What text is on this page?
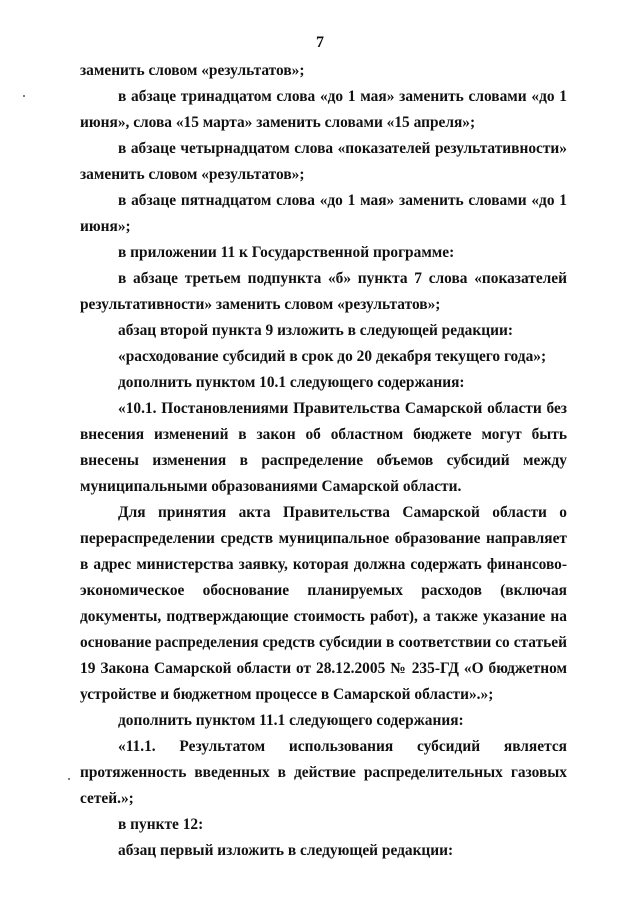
7

заменить словом «результатов»;

в абзаце тринадцатом слова «до 1 мая» заменить словами «до 1 июня», слова «15 марта» заменить словами «15 апреля»;

в абзаце четырнадцатом слова «показателей результативности» заменить словом «результатов»;

в абзаце пятнадцатом слова «до 1 мая» заменить словами «до 1 июня»;

в приложении 11 к Государственной программе:

в абзаце третьем подпункта «б» пункта 7 слова «показателей результативности» заменить словом «результатов»;

абзац второй пункта 9 изложить в следующей редакции:

«расходование субсидий в срок до 20 декабря текущего года»;

дополнить пунктом 10.1 следующего содержания:

«10.1. Постановлениями Правительства Самарской области без внесения изменений в закон об областном бюджете могут быть внесены изменения в распределение объемов субсидий между муниципальными образованиями Самарской области.

Для принятия акта Правительства Самарской области о перераспределении средств муниципальное образование направляет в адрес министерства заявку, которая должна содержать финансово-экономическое обоснование планируемых расходов (включая документы, подтверждающие стоимость работ), а также указание на основание распределения средств субсидии в соответствии со статьей 19 Закона Самарской области от 28.12.2005 № 235-ГД «О бюджетном устройстве и бюджетном процессе в Самарской области».»;

дополнить пунктом 11.1 следующего содержания:

«11.1. Результатом использования субсидий является протяженность введенных в действие распределительных газовых сетей.»;

в пункте 12:

абзац первый изложить в следующей редакции:
